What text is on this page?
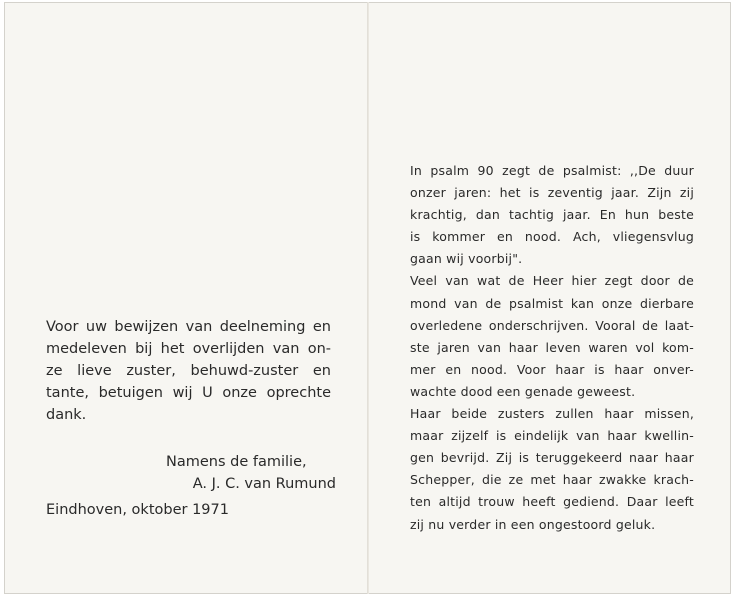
Voor uw bewijzen van deelneming en
medeleven bij het overlijden van on-
ze lieve zuster, behuwd-zuster en
tante, betuigen wij U onze oprechte
dank.
Namens de familie,
A. J. C. van Rumund
Eindhoven, oktober 1971
In psalm 90 zegt de psalmist: ,,De duur
onzer jaren: het is zeventig jaar. Zijn zij
krachtig, dan tachtig jaar. En hun beste
is kommer en nood. Ach, vliegensvlug
gaan wij voorbij".
Veel van wat de Heer hier zegt door de
mond van de psalmist kan onze dierbare
overledene onderschrijven. Vooral de laat-
ste jaren van haar leven waren vol kom-
mer en nood. Voor haar is haar onver-
wachte dood een genade geweest.
Haar beide zusters zullen haar missen,
maar zijzelf is eindelijk van haar kwellin-
gen bevrijd. Zij is teruggekeerd naar haar
Schepper, die ze met haar zwakke krach-
ten altijd trouw heeft gediend. Daar leeft
zij nu verder in een ongestoord geluk.
